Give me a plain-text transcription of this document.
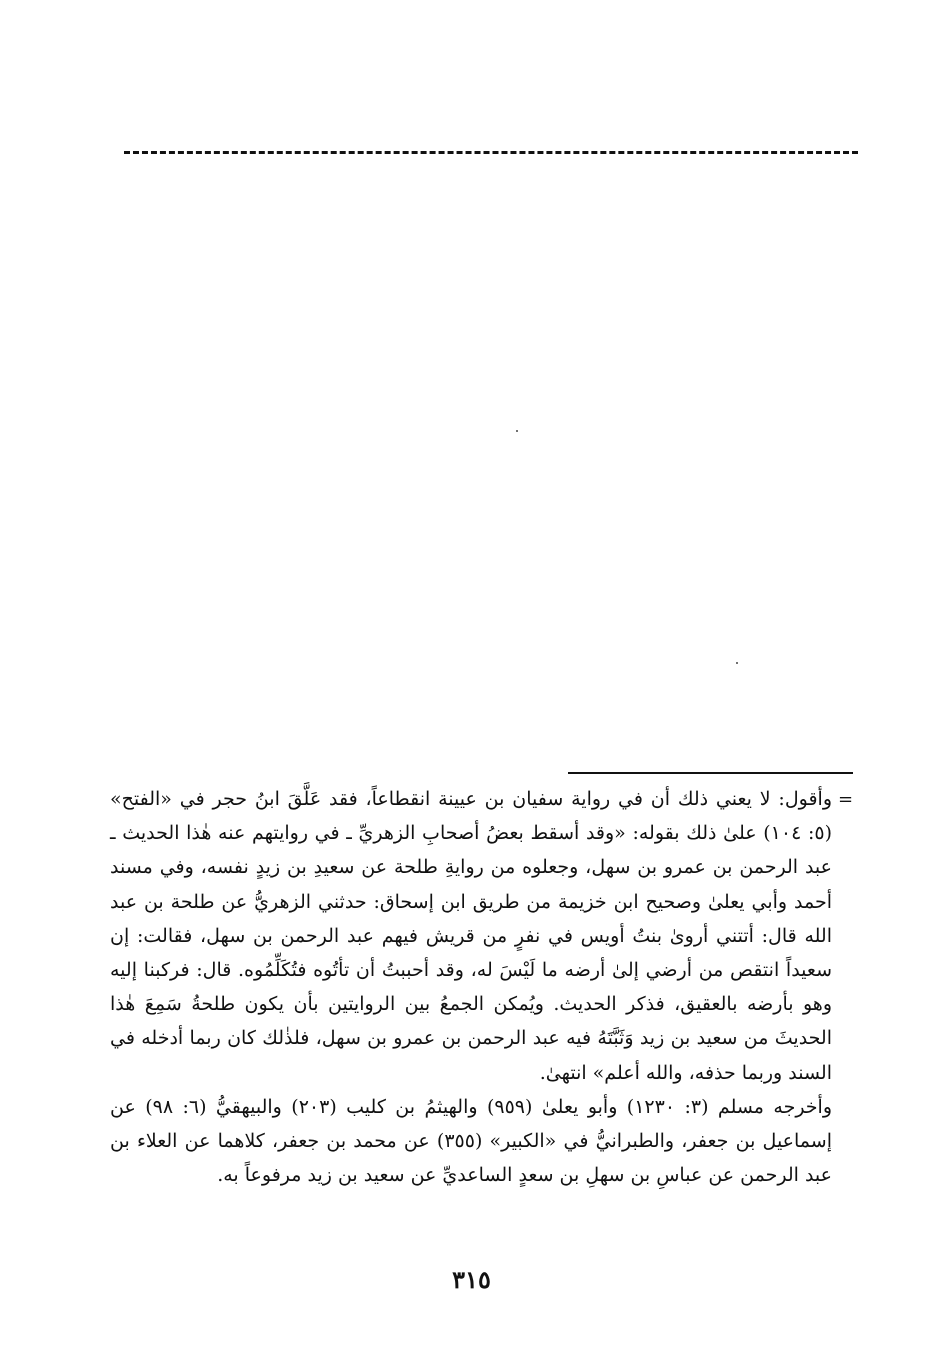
=

وأقول: لا يعني ذلك أن في رواية سفيان بن عيينة انقطاعاً، فقد عَلَّقَ ابنُ حجر في «الفتح» (٥: ١٠٤) علىٰ ذلك بقوله: «وقد أسقط بعضُ أصحابِ الزهريِّ ـ في روايتهم عنه هٰذا الحديث ـ عبد الرحمن بن عمرو بن سهل، وجعلوه من روايةِ طلحة عن سعيدِ بن زيدٍ نفسه، وفي مسند أحمد وأبي يعلىٰ وصحيح ابن خزيمة من طريق ابن إسحاق: حدثني الزهريُّ عن طلحة بن عبد الله قال: أتتني أروىٰ بنتُ أويس في نفرٍ من قريش فيهم عبد الرحمن بن سهل، فقالت: إن سعيداً انتقص من أرضي إلىٰ أرضه ما لَيْسَ له، وقد أحببتُ أن تأتُوه فتُكَلِّمُوه. قال: فركبنا إليه وهو بأرضه بالعقيق، فذكر الحديث. ويُمكن الجمعُ بين الروايتين بأن يكون طلحةُ سَمِعَ هٰذا الحديثَ من سعيد بن زيد وَثَبَّتَهُ فيه عبد الرحمن بن عمرو بن سهل، فلذٰلك كان ربما أدخله في السند وربما حذفه، والله أعلم» انتهىٰ.

وأخرجه مسلم (٣: ١٢٣٠) وأبو يعلىٰ (٩٥٩) والهيثمُ بن كليب (٢٠٣) والبيهقيُّ (٦: ٩٨) عن إسماعيل بن جعفر، والطبرانيُّ في «الكبير» (٣٥٥) عن محمد بن جعفر، كلاهما عن العلاء بن عبد الرحمن عن عباسِ بن سهلِ بن سعدٍ الساعديِّ عن سعيد بن زيد مرفوعاً به.

٣١٥
